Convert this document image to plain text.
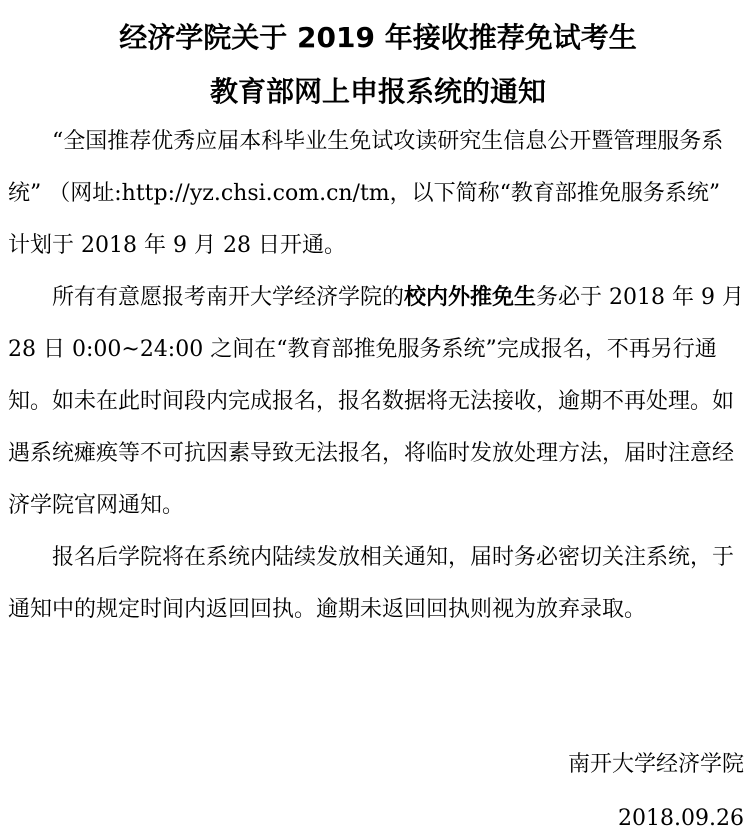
经济学院关于 2019 年接收推荐免试考生
教育部网上申报系统的通知

“全国推荐优秀应届本科毕业生免试攻读研究生信息公开暨管理服务系统” （网址:http://yz.chsi.com.cn/tm，以下简称“教育部推免服务系统” 计划于 2018 年 9 月 28 日开通。

所有有意愿报考南开大学经济学院的校内外推免生务必于 2018 年 9 月 28 日 0:00~24:00 之间在“教育部推免服务系统”完成报名，不再另行通知。如未在此时间段内完成报名，报名数据将无法接收，逾期不再处理。如遇系统瘫痪等不可抗因素导致无法报名，将临时发放处理方法，届时注意经济学院官网通知。

报名后学院将在系统内陆续发放相关通知，届时务必密切关注系统，于通知中的规定时间内返回回执。逾期未返回回执则视为放弃录取。

南开大学经济学院

2018.09.26
